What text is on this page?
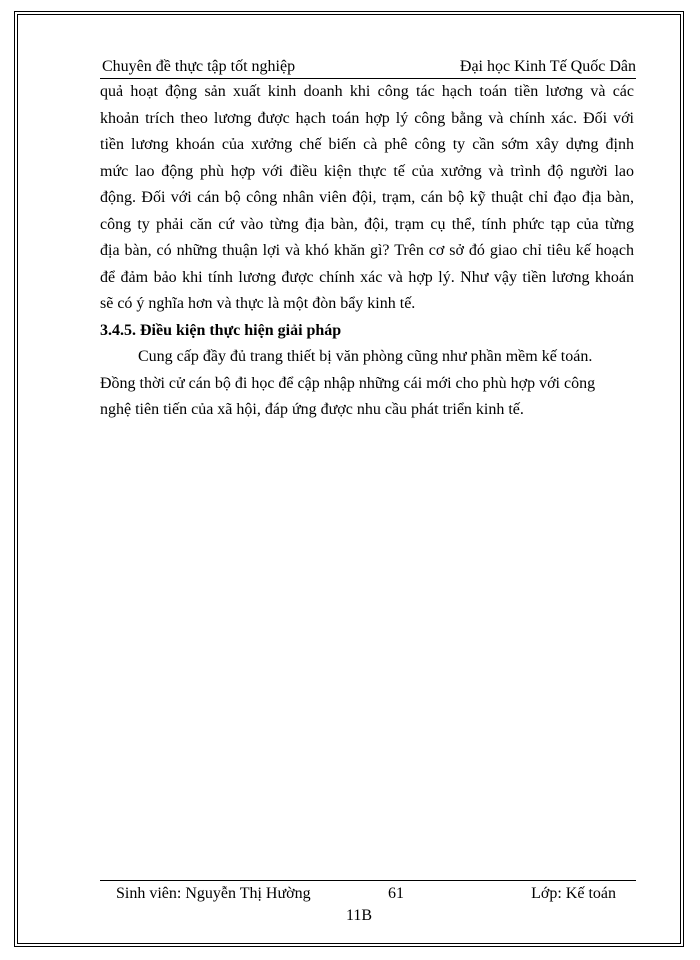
Chuyên đề thực tập tốt nghiệp	Đại học Kinh Tế Quốc Dân
quả hoạt động sản xuất kinh doanh khi công tác hạch toán tiền lương và các
khoản trích theo lương được hạch toán hợp lý công bằng và chính xác. Đối với
tiền lương khoán của xưởng chế biến cà phê công ty cần sớm xây dựng định
mức lao động phù hợp với điều kiện thực tế của xưởng và trình độ người lao
động. Đối với cán bộ công nhân viên đội, trạm, cán bộ kỹ thuật chỉ đạo địa bàn,
công ty phải căn cứ vào từng địa bàn, đội, trạm cụ thể, tính phức tạp của từng
địa bàn, có những thuận lợi và khó khăn gì? Trên cơ sở đó giao chỉ tiêu kế hoạch
để đảm bảo khi tính lương được chính xác và hợp lý. Như vậy tiền lương khoán
sẽ có ý nghĩa hơn và thực là một đòn bẩy kinh tế.
3.4.5. Điều kiện thực hiện giải pháp
Cung cấp đầy đủ trang thiết bị văn phòng cũng như phần mềm kế toán.
Đồng thời cử cán bộ đi học để cập nhập những cái mới cho phù hợp với công
nghệ tiên tiến của xã hội, đáp ứng được nhu cầu phát triển kinh tế.
Sinh viên: Nguyễn Thị Hường	61	Lớp: Kế toán
11B
